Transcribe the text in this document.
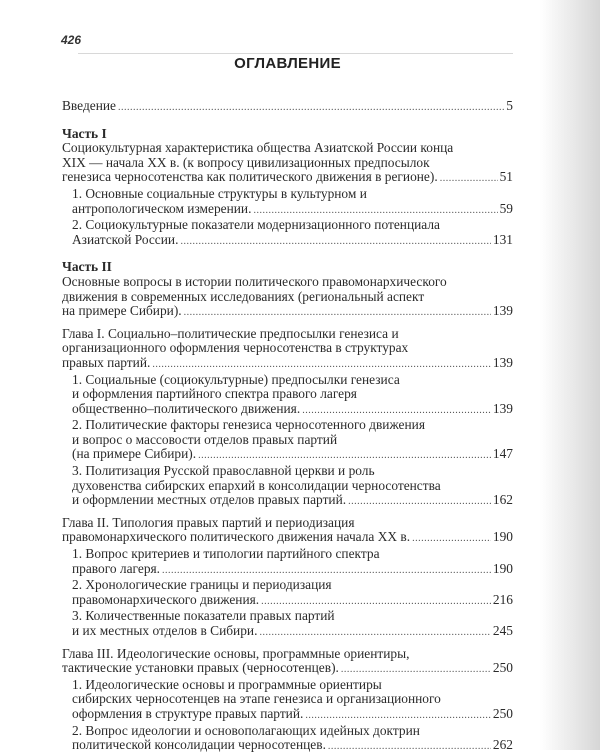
426
ОГЛАВЛЕНИЕ
Введение .....	5
Часть I
Социокультурная характеристика общества Азиатской России конца
XIX — начала XX в. (к вопросу цивилизационных предпосылок
генезиса черносотенства как политического движения в регионе). .....	51
1. Основные социальные структуры в культурном и
антропологическом измерении. .....	59
2. Социокультурные показатели модернизационного потенциала
Азиатской России. .....	131
Часть II
Основные вопросы в истории политического правомонархического
движения в современных исследованиях (региональный аспект
на примере Сибири). .....	139
Глава I. Социально–политические предпосылки генезиса и
организационного оформления черносотенства в структурах
правых партий. .....	139
1. Социальные (социокультурные) предпосылки генезиса
и оформления партийного спектра правого лагеря
общественно–политического движения. .....	139
2. Политические факторы генезиса черносотенного движения
и вопрос о массовости отделов правых партий
(на примере Сибири). .....	147
3. Политизация Русской православной церкви и роль
духовенства сибирских епархий в консолидации черносотенства
и оформлении местных отделов правых партий. .....	162
Глава II. Типология правых партий и периодизация
правомонархического политического движения начала XX в. .....	190
1. Вопрос критериев и типологии партийного спектра
правого лагеря. .....	190
2. Хронологические границы и периодизация
правомонархического движения. .....	216
3. Количественные показатели правых партий
и их местных отделов в Сибири. .....	245
Глава III. Идеологические основы, программные ориентиры,
тактические установки правых (черносотенцев). .....	250
1. Идеологические основы и программные ориентиры
сибирских черносотенцев на этапе генезиса и организационного
оформления в структуре правых партий. .....	250
2. Вопрос идеологии и основополагающих идейных доктрин
политической консолидации черносотенцев. .....	262
